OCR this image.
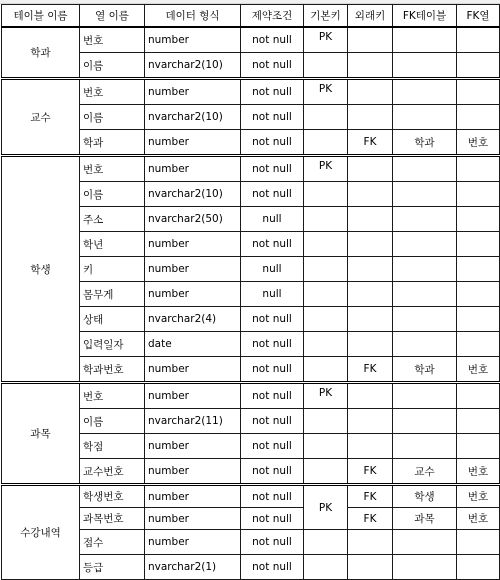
테이블 이름	열 이름	데이터 형식	제약조건	기본키	외래키	FK테이블	FK열
학과	번호	number	not null	PK			
	이름	nvarchar2(10)	not null				
교수	번호	number	not null	PK			
	이름	nvarchar2(10)	not null				
	학과	number	not null		FK	학과	번호
학생	번호	number	not null	PK			
	이름	nvarchar2(10)	not null				
	주소	nvarchar2(50)	null				
	학년	number	not null				
	키	number	null				
	몸무게	number	null				
	상태	nvarchar2(4)	not null				
	입력일자	date	not null				
	학과번호	number	not null		FK	학과	번호
과목	번호	number	not null	PK			
	이름	nvarchar2(11)	not null				
	학점	number	not null				
	교수번호	number	not null		FK	교수	번호
수강내역	학생번호	number	not null	PK	FK	학생	번호
	과목번호	number	not null		FK	과목	번호
	점수	number	not null				
	등급	nvarchar2(1)	not null				
